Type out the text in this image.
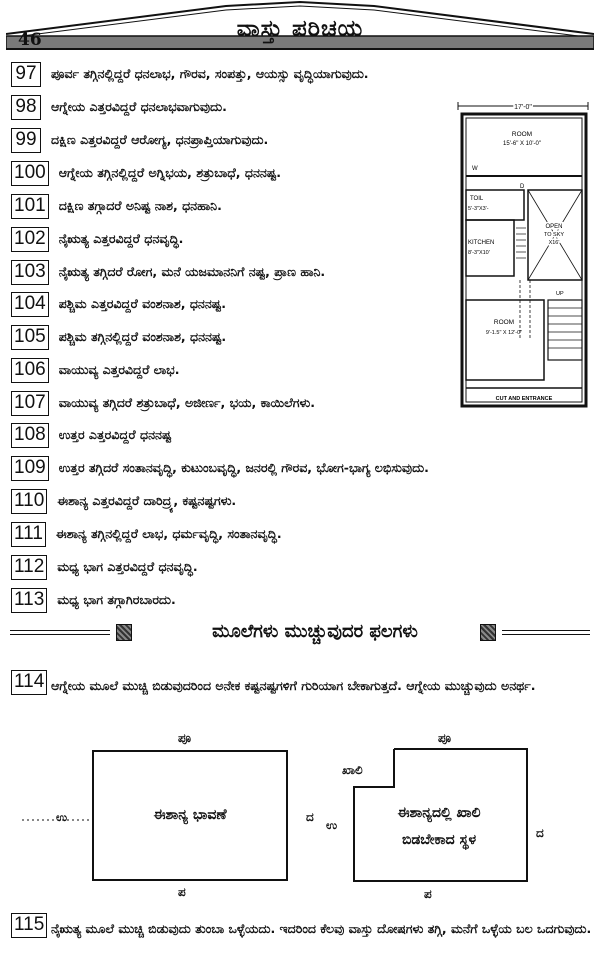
46	ವಾಸ್ತು ಪರಿಚಯ
97	ಪೂರ್ವ ತಗ್ಗಿನಲ್ಲಿದ್ದರೆ ಧನಲಾಭ, ಗೌರವ, ಸಂಪತ್ತು, ಆಯಸ್ಸು ವೃದ್ಧಿಯಾಗುವುದು.
98	ಆಗ್ನೇಯ ಎತ್ತರವಿದ್ದರೆ ಧನಲಾಭವಾಗುವುದು.
99	ದಕ್ಷಿಣ ಎತ್ತರವಿದ್ದರೆ ಆರೋಗ್ಯ, ಧನಪ್ರಾಪ್ತಿಯಾಗುವುದು.
100 ಆಗ್ನೇಯ ತಗ್ಗಿನಲ್ಲಿದ್ದರೆ ಅಗ್ನಿಭಯ, ಶತ್ರುಬಾಧೆ, ಧನನಷ್ಟ.
101 ದಕ್ಷಿಣ ತಗ್ಗಾದರೆ ಅನಿಷ್ಟ ನಾಶ, ಧನಹಾನಿ.
102 ನೈಋತ್ಯ ಎತ್ತರವಿದ್ದರೆ ಧನವೃದ್ಧಿ.
103 ನೈಋತ್ಯ ತಗ್ಗಿದರೆ ರೋಗ, ಮನೆ ಯಜಮಾನನಿಗೆ ನಷ್ಟ, ಪ್ರಾಣ ಹಾನಿ.
104 ಪಶ್ಚಿಮ ಎತ್ತರವಿದ್ದರೆ ವಂಶನಾಶ, ಧನನಷ್ಟ.
105 ಪಶ್ಚಿಮ ತಗ್ಗಿನಲ್ಲಿದ್ದರೆ ವಂಶನಾಶ, ಧನನಷ್ಟ.
106 ವಾಯುವ್ಯ ಎತ್ತರವಿದ್ದರೆ ಲಾಭ.
107 ವಾಯುವ್ಯ ತಗ್ಗಿದರೆ ಶತ್ರುಬಾಧೆ, ಅಜೀರ್ಣ, ಭಯ, ಕಾಯಿಲೆಗಳು.
108 ಉತ್ತರ ಎತ್ತರವಿದ್ದರೆ ಧನನಷ್ಟ
109 ಉತ್ತರ ತಗ್ಗಿದರೆ ಸಂತಾನವೃದ್ಧಿ, ಕುಟುಂಬವೃದ್ಧಿ, ಜನರಲ್ಲಿ ಗೌರವ, ಭೋಗ-ಭಾಗ್ಯ ಲಭಿಸುವುದು.
110 ಈಶಾನ್ಯ ಎತ್ತರವಿದ್ದರೆ ದಾರಿದ್ರ್ಯ, ಕಷ್ಟನಷ್ಟಗಳು.
111 ಈಶಾನ್ಯ ತಗ್ಗಿನಲ್ಲಿದ್ದರೆ ಲಾಭ, ಧರ್ಮವೃದ್ಧಿ, ಸಂತಾನವೃದ್ಧಿ.
112 ಮಧ್ಯ ಭಾಗ ಎತ್ತರವಿದ್ದರೆ ಧನವೃದ್ಧಿ.
113 ಮಧ್ಯ ಭಾಗ ತಗ್ಗಾಗಿರಬಾರದು.
17'-0"
ROOM
15'-6" X 10'-0"
W
D
TOIL
5'-3"X3'-
OPEN
TO SKY
X16'
KITCHEN
8'-3"X10'
ROOM
9'-1.5" X 12'-0"
UP
CUT AND ENTRANCE
ಮೂಲೆಗಳು ಮುಚ್ಚುವುದರ ಫಲಗಳು
114 ಆಗ್ನೇಯ ಮೂಲೆ ಮುಚ್ಚಿ ಬಿಡುವುದರಿಂದ ಅನೇಕ ಕಷ್ಟನಷ್ಟಗಳಿಗೆ ಗುರಿಯಾಗ ಬೇಕಾಗುತ್ತದೆ. ಆಗ್ನೇಯ ಮುಚ್ಚುವುದು ಅನರ್ಥ.
ಪೂ
ಉ	ದ
ಪ
ಈಶಾನ್ಯ ಭಾವಣೆ
ಪೂ
ಖಾಲಿ
ಉ
ದ
ಪ
ಈಶಾನ್ಯದಲ್ಲಿ ಖಾಲಿ
ಬಿಡಬೇಕಾದ ಸ್ಥಳ
115 ನೈಋತ್ಯ ಮೂಲೆ ಮುಚ್ಚಿ ಬಿಡುವುದು ತುಂಬಾ ಒಳ್ಳೆಯದು. ಇದರಿಂದ ಕೆಲವು ವಾಸ್ತು ದೋಷಗಳು ತಗ್ಗಿ, ಮನೆಗೆ ಒಳ್ಳೆಯ ಬಲ ಒದಗುವುದು.
